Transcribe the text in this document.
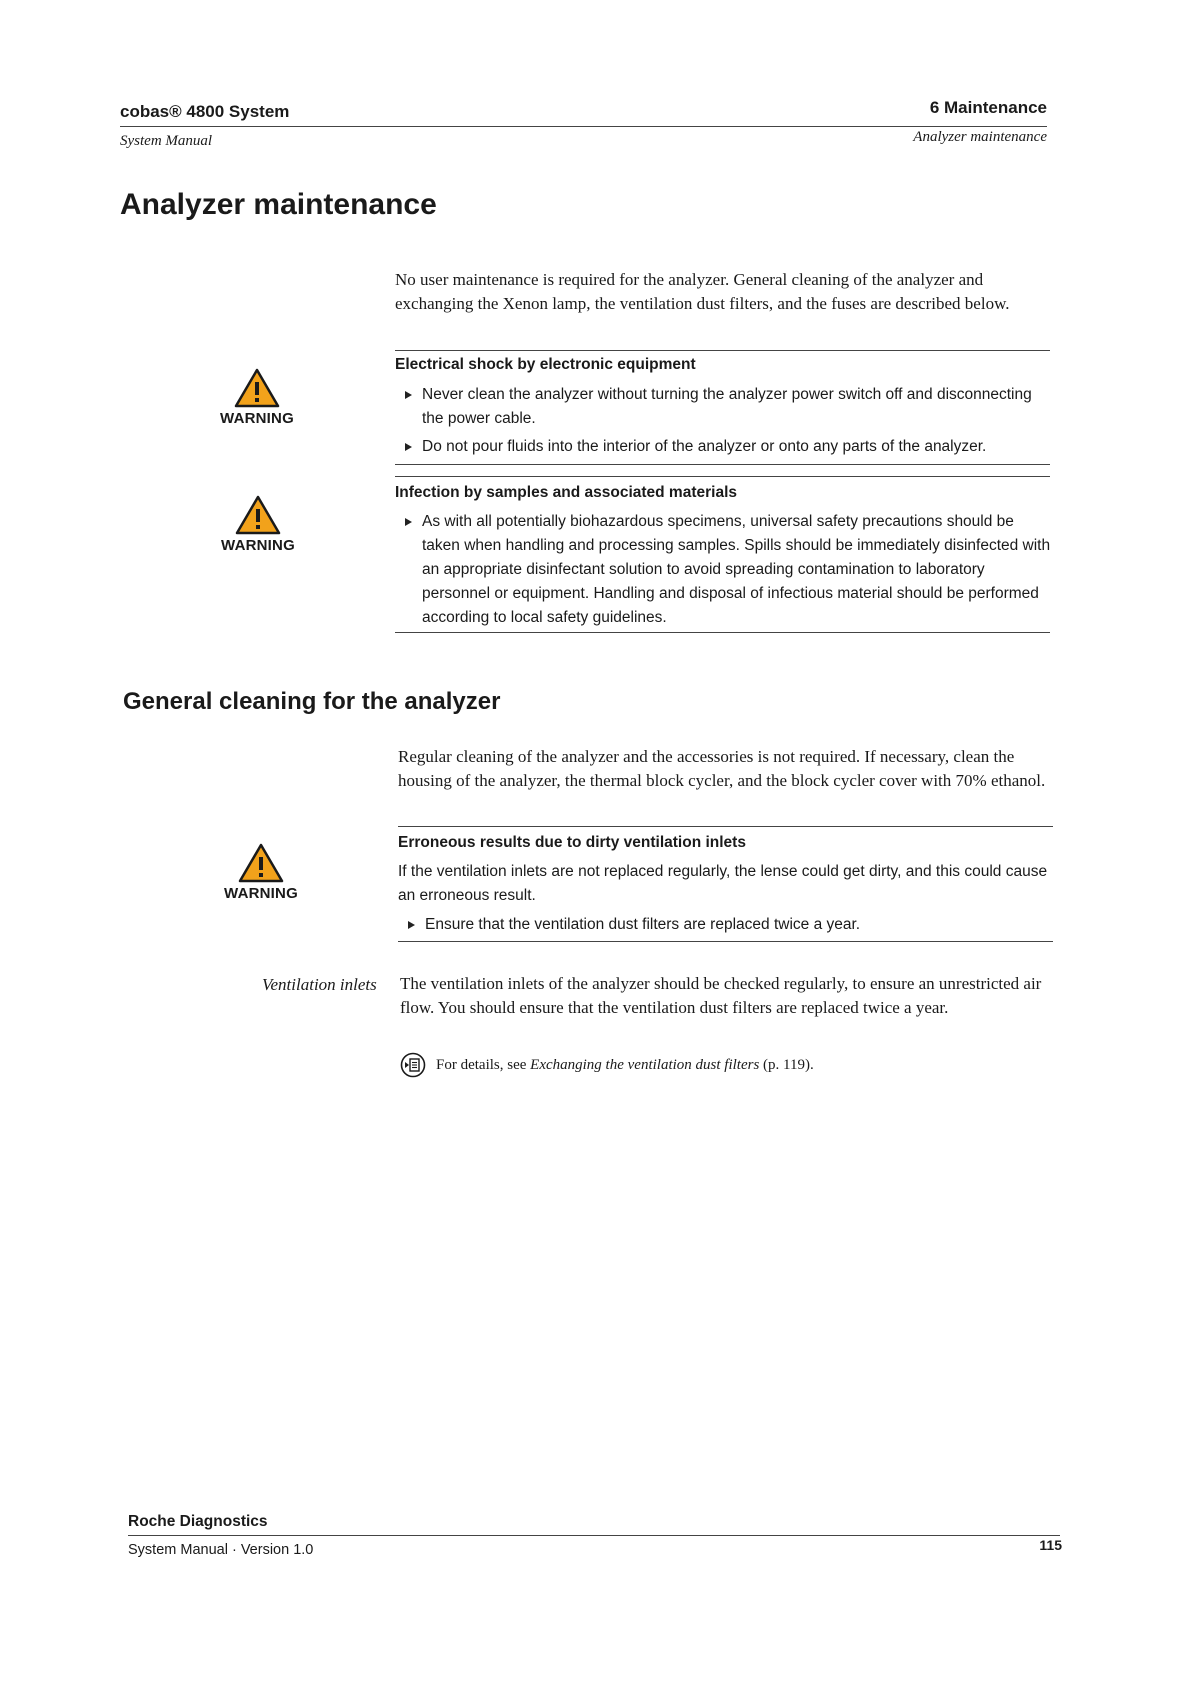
cobas® 4800 System
System Manual
6 Maintenance
Analyzer maintenance
Analyzer maintenance
No user maintenance is required for the analyzer. General cleaning of the analyzer and exchanging the Xenon lamp, the ventilation dust filters, and the fuses are described below.
WARNING
Electrical shock by electronic equipment
Never clean the analyzer without turning the analyzer power switch off and disconnecting the power cable.
Do not pour fluids into the interior of the analyzer or onto any parts of the analyzer.
WARNING
Infection by samples and associated materials
As with all potentially biohazardous specimens, universal safety precautions should be taken when handling and processing samples. Spills should be immediately disinfected with an appropriate disinfectant solution to avoid spreading contamination to laboratory personnel or equipment. Handling and disposal of infectious material should be performed according to local safety guidelines.
General cleaning for the analyzer
Regular cleaning of the analyzer and the accessories is not required. If necessary, clean the housing of the analyzer, the thermal block cycler, and the block cycler cover with 70% ethanol.
WARNING
Erroneous results due to dirty ventilation inlets
If the ventilation inlets are not replaced regularly, the lense could get dirty, and this could cause an erroneous result.
Ensure that the ventilation dust filters are replaced twice a year.
Ventilation inlets The ventilation inlets of the analyzer should be checked regularly, to ensure an unrestricted air flow. You should ensure that the ventilation dust filters are replaced twice a year.
For details, see Exchanging the ventilation dust filters (p. 119).
Roche Diagnostics
System Manual · Version 1.0	115
